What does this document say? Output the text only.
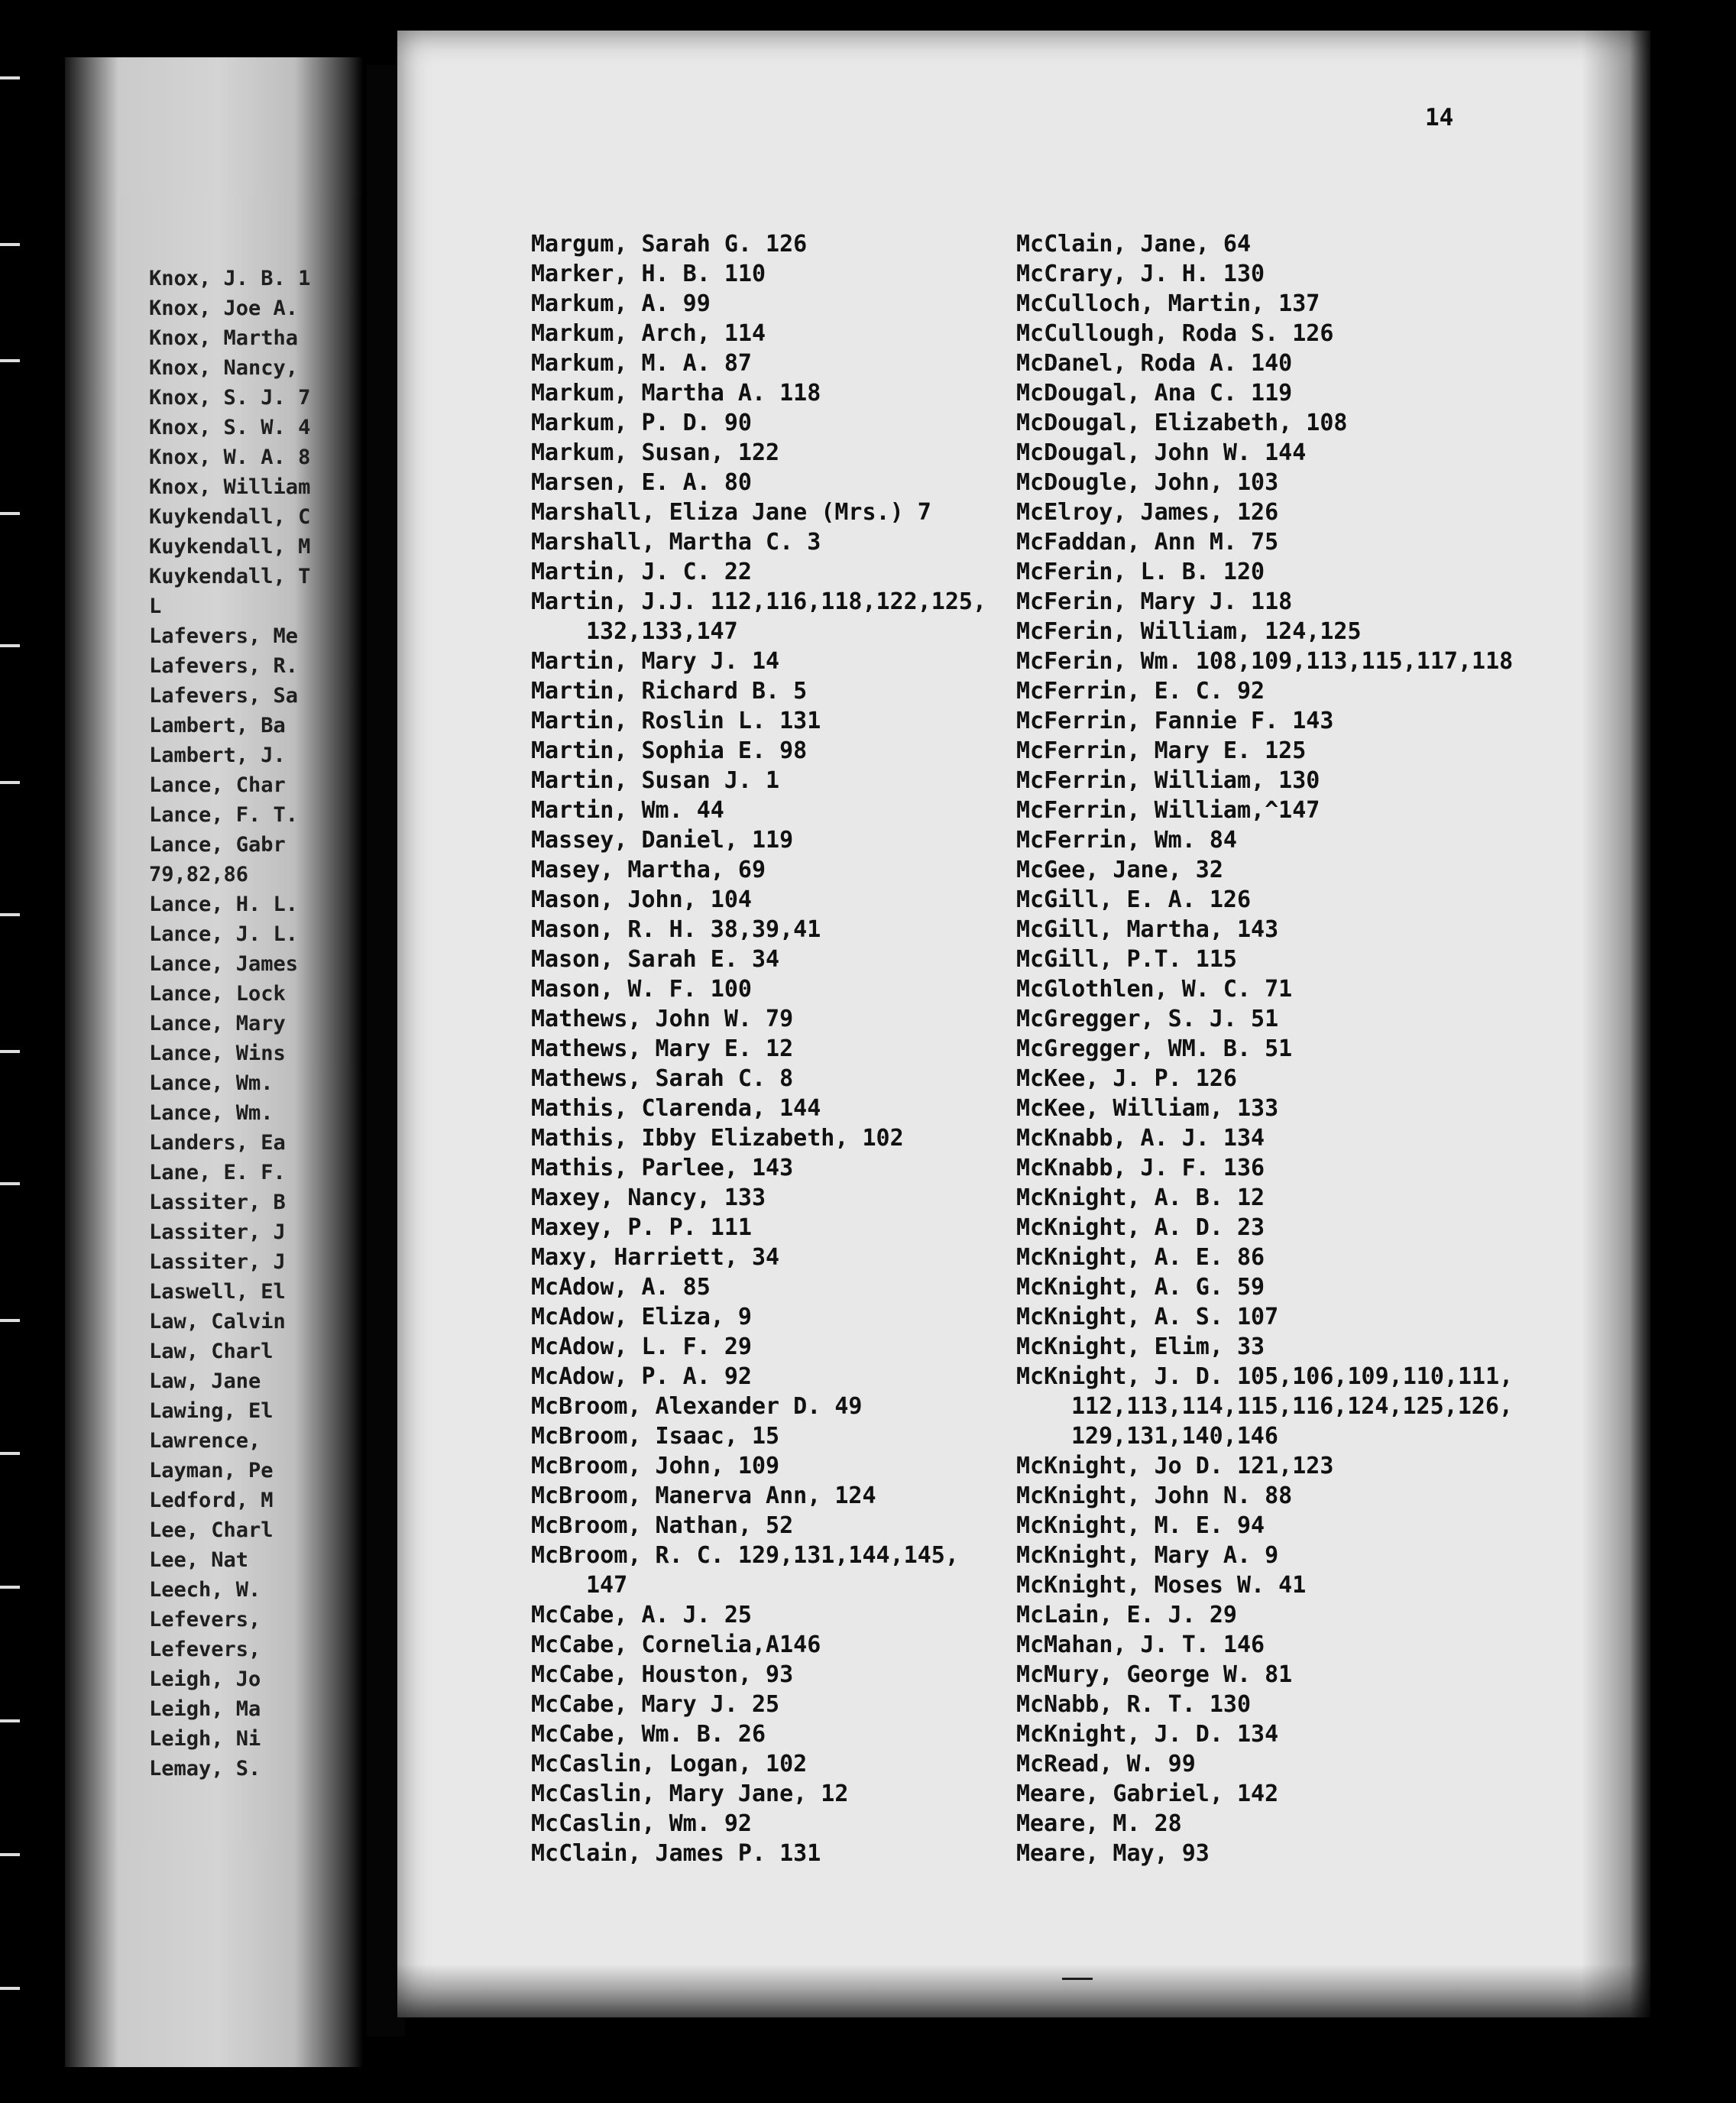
Knox, J. B. 1
Knox, Joe A.
Knox, Martha
Knox, Nancy,
Knox, S. J. 7
Knox, S. W. 4
Knox, W. A. 8
Knox, William
Kuykendall, C
Kuykendall, M
Kuykendall, T
L
Lafevers, Me
Lafevers, R.
Lafevers, Sa
Lambert, Ba
Lambert, J.
Lance, Char
Lance, F. T.
Lance, Gabr
79,82,86
Lance, H. L.
Lance, J. L.
Lance, James
Lance, Lock
Lance, Mary
Lance, Wins
Lance, Wm.
Lance, Wm.
Landers, Ea
Lane, E. F.
Lassiter, B
Lassiter, J
Lassiter, J
Laswell, El
Law, Calvin
Law, Charl
Law, Jane
Lawing, El
Lawrence,
Layman, Pe
Ledford, M
Lee, Charl
Lee, Nat
Leech, W.
Lefevers,
Lefevers,
Leigh, Jo
Leigh, Ma
Leigh, Ni
Lemay, S.
14
Margum, Sarah G. 126
Marker, H. B. 110
Markum, A. 99
Markum, Arch, 114
Markum, M. A. 87
Markum, Martha A. 118
Markum, P. D. 90
Markum, Susan, 122
Marsen, E. A. 80
Marshall, Eliza Jane (Mrs.) 7
Marshall, Martha C. 3
Martin, J. C. 22
Martin, J.J. 112,116,118,122,125,
132,133,147
Martin, Mary J. 14
Martin, Richard B. 5
Martin, Roslin L. 131
Martin, Sophia E. 98
Martin, Susan J. 1
Martin, Wm. 44
Massey, Daniel, 119
Masey, Martha, 69
Mason, John, 104
Mason, R. H. 38,39,41
Mason, Sarah E. 34
Mason, W. F. 100
Mathews, John W. 79
Mathews, Mary E. 12
Mathews, Sarah C. 8
Mathis, Clarenda, 144
Mathis, Ibby Elizabeth, 102
Mathis, Parlee, 143
Maxey, Nancy, 133
Maxey, P. P. 111
Maxy, Harriett, 34
McAdow, A. 85
McAdow, Eliza, 9
McAdow, L. F. 29
McAdow, P. A. 92
McBroom, Alexander D. 49
McBroom, Isaac, 15
McBroom, John, 109
McBroom, Manerva Ann, 124
McBroom, Nathan, 52
McBroom, R. C. 129,131,144,145,
147
McCabe, A. J. 25
McCabe, Cornelia,A146
McCabe, Houston, 93
McCabe, Mary J. 25
McCabe, Wm. B. 26
McCaslin, Logan, 102
McCaslin, Mary Jane, 12
McCaslin, Wm. 92
McClain, James P. 131
McClain, Jane, 64
McCrary, J. H. 130
McCulloch, Martin, 137
McCullough, Roda S. 126
McDanel, Roda A. 140
McDougal, Ana C. 119
McDougal, Elizabeth, 108
McDougal, John W. 144
McDougle, John, 103
McElroy, James, 126
McFaddan, Ann M. 75
McFerin, L. B. 120
McFerin, Mary J. 118
McFerin, William, 124,125
McFerin, Wm. 108,109,113,115,117,118
McFerrin, E. C. 92
McFerrin, Fannie F. 143
McFerrin, Mary E. 125
McFerrin, William, 130
McFerrin, William,^147
McFerrin, Wm. 84
McGee, Jane, 32
McGill, E. A. 126
McGill, Martha, 143
McGill, P.T. 115
McGlothlen, W. C. 71
McGregger, S. J. 51
McGregger, WM. B. 51
McKee, J. P. 126
McKee, William, 133
McKnabb, A. J. 134
McKnabb, J. F. 136
McKnight, A. B. 12
McKnight, A. D. 23
McKnight, A. E. 86
McKnight, A. G. 59
McKnight, A. S. 107
McKnight, Elim, 33
McKnight, J. D. 105,106,109,110,111,
112,113,114,115,116,124,125,126,
129,131,140,146
McKnight, Jo D. 121,123
McKnight, John N. 88
McKnight, M. E. 94
McKnight, Mary A. 9
McKnight, Moses W. 41
McLain, E. J. 29
McMahan, J. T. 146
McMury, George W. 81
McNabb, R. T. 130
McKnight, J. D. 134
McRead, W. 99
Meare, Gabriel, 142
Meare, M. 28
Meare, May, 93
